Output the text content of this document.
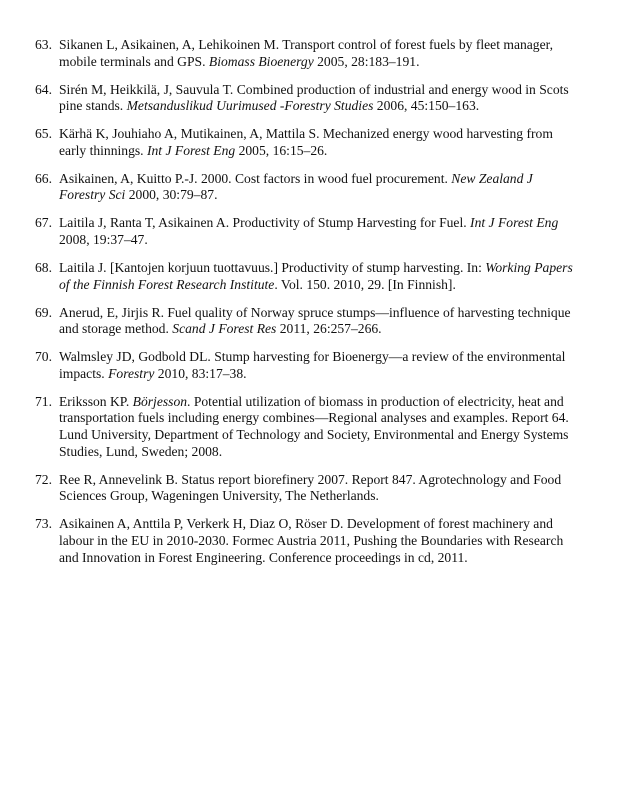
63. Sikanen L, Asikainen, A, Lehikoinen M. Transport control of forest fuels by fleet manager, mobile terminals and GPS. Biomass Bioenergy 2005, 28:183–191.
64. Sirén M, Heikkilä, J, Sauvula T. Combined production of industrial and energy wood in Scots pine stands. Metsanduslikud Uurimused -Forestry Studies 2006, 45:150–163.
65. Kärhä K, Jouhiaho A, Mutikainen, A, Mattila S. Mechanized energy wood harvesting from early thinnings. Int J Forest Eng 2005, 16:15–26.
66. Asikainen, A, Kuitto P.-J. 2000. Cost factors in wood fuel procurement. New Zealand J Forestry Sci 2000, 30:79–87.
67. Laitila J, Ranta T, Asikainen A. Productivity of Stump Harvesting for Fuel. Int J Forest Eng 2008, 19:37–47.
68. Laitila J. [Kantojen korjuun tuottavuus.] Productivity of stump harvesting. In: Working Papers of the Finnish Forest Research Institute. Vol. 150. 2010, 29. [In Finnish].
69. Anerud, E, Jirjis R. Fuel quality of Norway spruce stumps—influence of harvesting technique and storage method. Scand J Forest Res 2011, 26:257–266.
70. Walmsley JD, Godbold DL. Stump harvesting for Bioenergy—a review of the environmental impacts. Forestry 2010, 83:17–38.
71. Eriksson KP. Börjesson. Potential utilization of biomass in production of electricity, heat and transportation fuels including energy combines—Regional analyses and examples. Report 64. Lund University, Department of Technology and Society, Environmental and Energy Systems Studies, Lund, Sweden; 2008.
72. Ree R, Annevelink B. Status report biorefinery 2007. Report 847. Agrotechnology and Food Sciences Group, Wageningen University, The Netherlands.
73. Asikainen A, Anttila P, Verkerk H, Diaz O, Röser D. Development of forest machinery and labour in the EU in 2010-2030. Formec Austria 2011, Pushing the Boundaries with Research and Innovation in Forest Engineering. Conference proceedings in cd, 2011.
